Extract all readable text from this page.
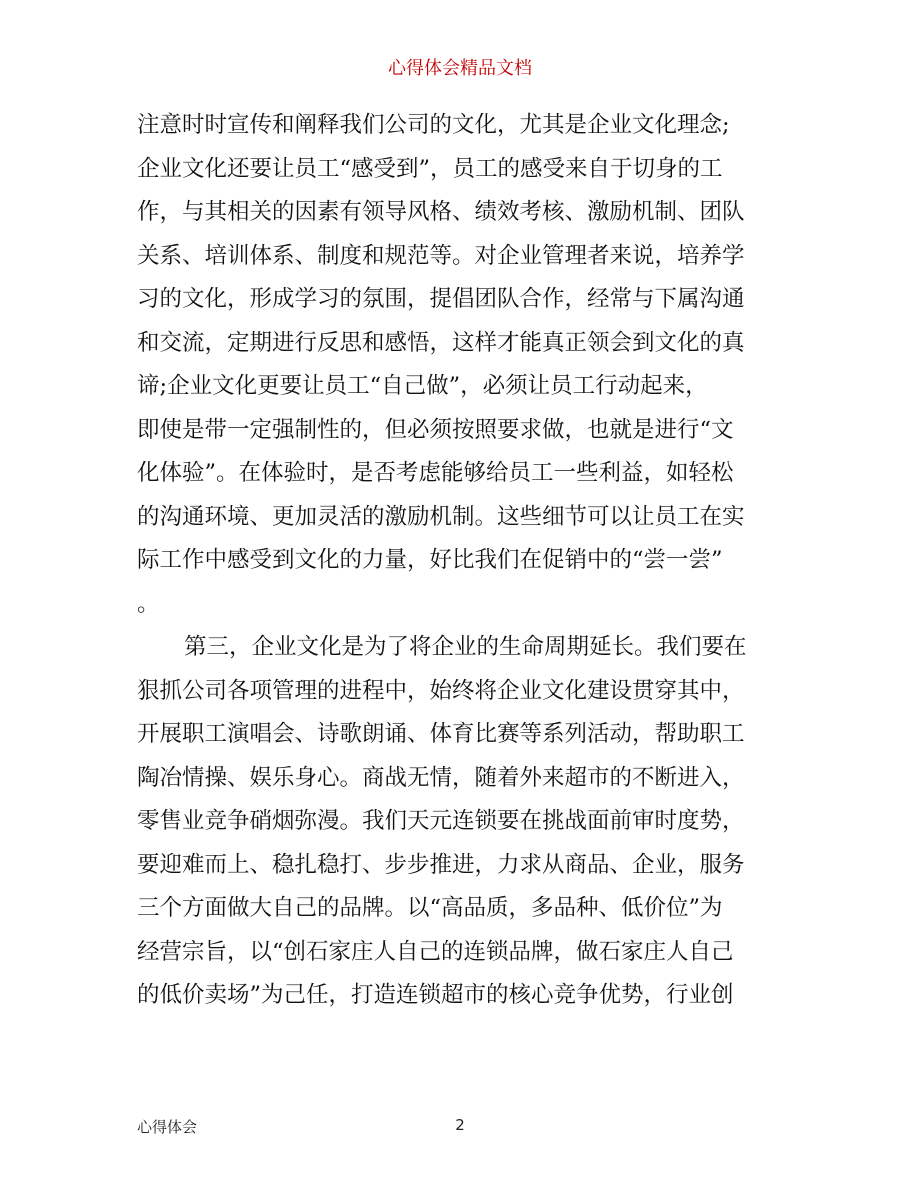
心得体会精品文档
注意时时宣传和阐释我们公司的文化，尤其是企业文化理念;
企业文化还要让员工“感受到”，员工的感受来自于切身的工
作，与其相关的因素有领导风格、绩效考核、激励机制、团队
关系、培训体系、制度和规范等。对企业管理者来说，培养学
习的文化，形成学习的氛围，提倡团队合作，经常与下属沟通
和交流，定期进行反思和感悟，这样才能真正领会到文化的真
谛;企业文化更要让员工“自己做”，必须让员工行动起来，
即使是带一定强制性的，但必须按照要求做，也就是进行“文
化体验”。在体验时，是否考虑能够给员工一些利益，如轻松
的沟通环境、更加灵活的激励机制。这些细节可以让员工在实
际工作中感受到文化的力量，好比我们在促销中的“尝一尝”
。
第三，企业文化是为了将企业的生命周期延长。我们要在
狠抓公司各项管理的进程中，始终将企业文化建设贯穿其中，
开展职工演唱会、诗歌朗诵、体育比赛等系列活动，帮助职工
陶冶情操、娱乐身心。商战无情，随着外来超市的不断进入，
零售业竞争硝烟弥漫。我们天元连锁要在挑战面前审时度势，
要迎难而上、稳扎稳打、步步推进，力求从商品、企业，服务
三个方面做大自己的品牌。以“高品质，多品种、低价位”为
经营宗旨，以“创石家庄人自己的连锁品牌，做石家庄人自己
的低价卖场”为己任，打造连锁超市的核心竞争优势，行业创
心得体会	2
